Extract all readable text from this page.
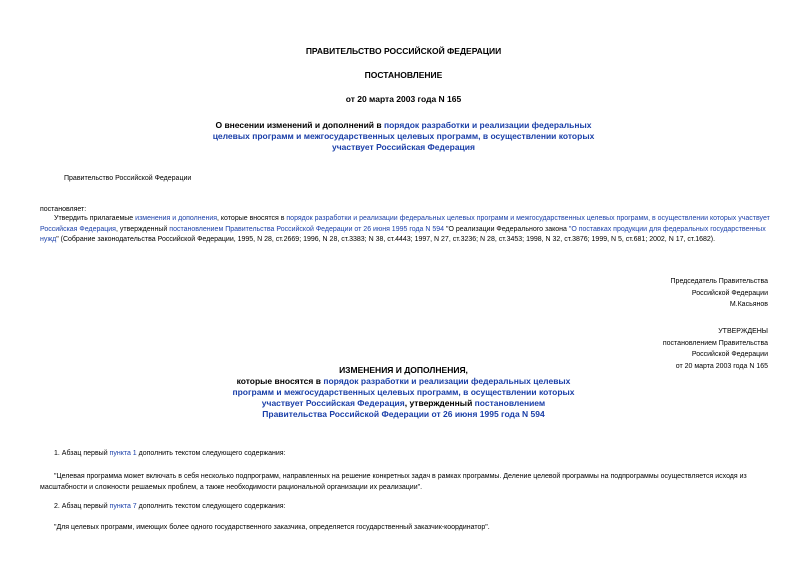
ПРАВИТЕЛЬСТВО РОССИЙСКОЙ ФЕДЕРАЦИИ
ПОСТАНОВЛЕНИЕ
от 20 марта 2003 года N 165
О внесении изменений и дополнений в порядок разработки и реализации федеральных целевых программ и межгосударственных целевых программ, в осуществлении которых участвует Российская Федерация
Правительство Российской Федерации
постановляет:
Утвердить прилагаемые изменения и дополнения, которые вносятся в порядок разработки и реализации федеральных целевых программ и межгосударственных целевых программ, в осуществлении которых участвует Российская Федерация, утвержденный постановлением Правительства Российской Федерации от 26 июня 1995 года N 594 "О реализации Федерального закона "О поставках продукции для федеральных государственных нужд" (Собрание законодательства Российской Федерации, 1995, N 28, ст.2669; 1996, N 28, ст.3383; N 38, ст.4443; 1997, N 27, ст.3236; N 28, ст.3453; 1998, N 32, ст.3876; 1999, N 5, ст.681; 2002, N 17, ст.1682).
Председатель Правительства
Российской Федерации
М.Касьянов
УТВЕРЖДЕНЫ
постановлением Правительства
Российской Федерации
от 20 марта 2003 года N 165
ИЗМЕНЕНИЯ И ДОПОЛНЕНИЯ,
которые вносятся в порядок разработки и реализации федеральных целевых программ и межгосударственных целевых программ, в осуществлении которых участвует Российская Федерация, утвержденный постановлением Правительства Российской Федерации от 26 июня 1995 года N 594
1. Абзац первый пункта 1 дополнить текстом следующего содержания:
"Целевая программа может включать в себя несколько подпрограмм, направленных на решение конкретных задач в рамках программы. Деление целевой программы на подпрограммы осуществляется исходя из масштабности и сложности решаемых проблем, а также необходимости рациональной организации их реализации".
2. Абзац первый пункта 7 дополнить текстом следующего содержания:
"Для целевых программ, имеющих более одного государственного заказчика, определяется государственный заказчик-координатор".
